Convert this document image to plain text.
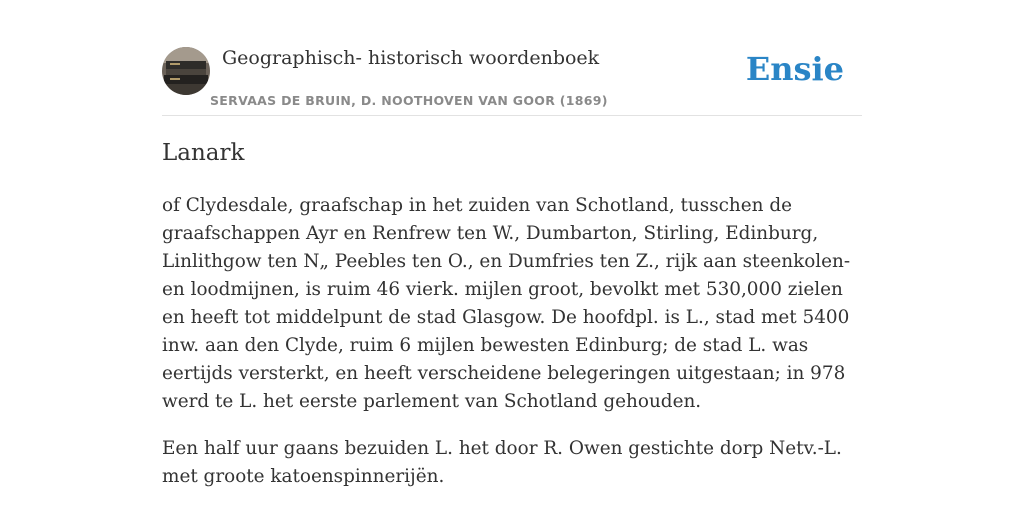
Geographisch- historisch woordenboek
SERVAAS DE BRUIN, D. NOOTHOVEN VAN GOOR (1869)
Ensie
Lanark

of Clydesdale, graafschap in het zuiden van Schotland, tusschen de graafschappen Ayr en Renfrew ten W., Dumbarton, Stirling, Edinburg, Linlithgow ten N„ Peebles ten O., en Dumfries ten Z., rijk aan steenkolen- en loodmijnen, is ruim 46 vierk. mijlen groot, bevolkt met 530,000 zielen en heeft tot middelpunt de stad Glasgow. De hoofdpl. is L., stad met 5400 inw. aan den Clyde, ruim 6 mijlen bewesten Edinburg; de stad L. was eertijds versterkt, en heeft verscheidene belegeringen uitgestaan; in 978 werd te L. het eerste parlement van Schotland gehouden.

Een half uur gaans bezuiden L. het door R. Owen gestichte dorp Netv.-L. met groote katoenspinnerijën.
